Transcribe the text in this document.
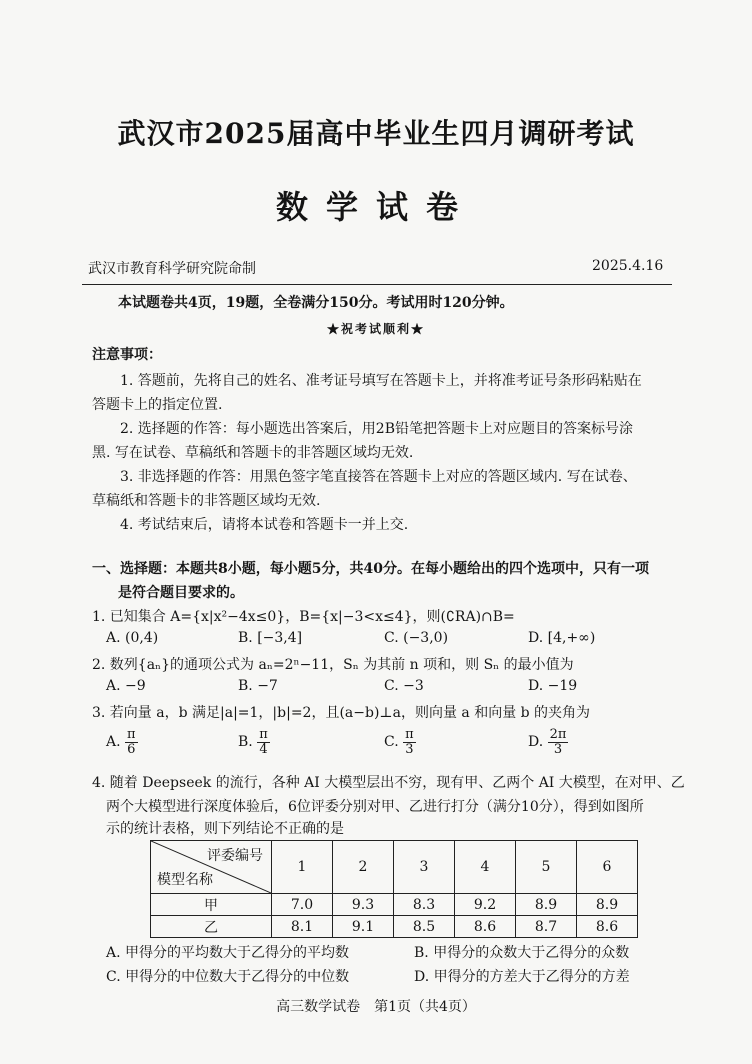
武汉市2025届高中毕业生四月调研考试
数学试卷
武汉市教育科学研究院命制	2025.4.16
本试题卷共4页，19题，全卷满分150分。考试用时120分钟。
★祝考试顺利★
注意事项：
1. 答题前，先将自己的姓名、准考证号填写在答题卡上，并将准考证号条形码粘贴在
答题卡上的指定位置.
2. 选择题的作答：每小题选出答案后，用2B铅笔把答题卡上对应题目的答案标号涂
黑. 写在试卷、草稿纸和答题卡的非答题区域均无效.
3. 非选择题的作答：用黑色签字笔直接答在答题卡上对应的答题区域内. 写在试卷、
草稿纸和答题卡的非答题区域均无效.
4. 考试结束后，请将本试卷和答题卡一并上交.
一、选择题：本题共8小题，每小题5分，共40分。在每小题给出的四个选项中，只有一项
是符合题目要求的。
1. 已知集合 A={x|x²−4x≤0}，B={x|−3<x≤4}，则(∁RA)∩B=
A. (0,4)	B. [−3,4]	C. (−3,0)	D. [4,+∞)
2. 数列{aₙ}的通项公式为 aₙ=2ⁿ−11，Sₙ 为其前 n 项和，则 Sₙ 的最小值为
A. −9	B. −7	C. −3	D. −19
3. 若向量 a，b 满足|a|=1，|b|=2，且(a−b)⊥a，则向量 a 和向量 b 的夹角为
A. $\frac{\pi}{6}$	B. $\frac{\pi}{4}$	C. $\frac{\pi}{3}$	D. $\frac{2\pi}{3}$
4. 随着 Deepseek 的流行，各种 AI 大模型层出不穷，现有甲、乙两个 AI 大模型，在对甲、乙
两个大模型进行深度体验后，6位评委分别对甲、乙进行打分（满分10分），得到如图所
示的统计表格，则下列结论不正确的是
评委编号
模型名称	1	2	3	4	5	6
甲	7.0	9.3	8.3	9.2	8.9	8.9
乙	8.1	9.1	8.5	8.6	8.7	8.6
A. 甲得分的平均数大于乙得分的平均数	B. 甲得分的众数大于乙得分的众数
C. 甲得分的中位数大于乙得分的中位数	D. 甲得分的方差大于乙得分的方差
高三数学试卷　第1页（共4页）
